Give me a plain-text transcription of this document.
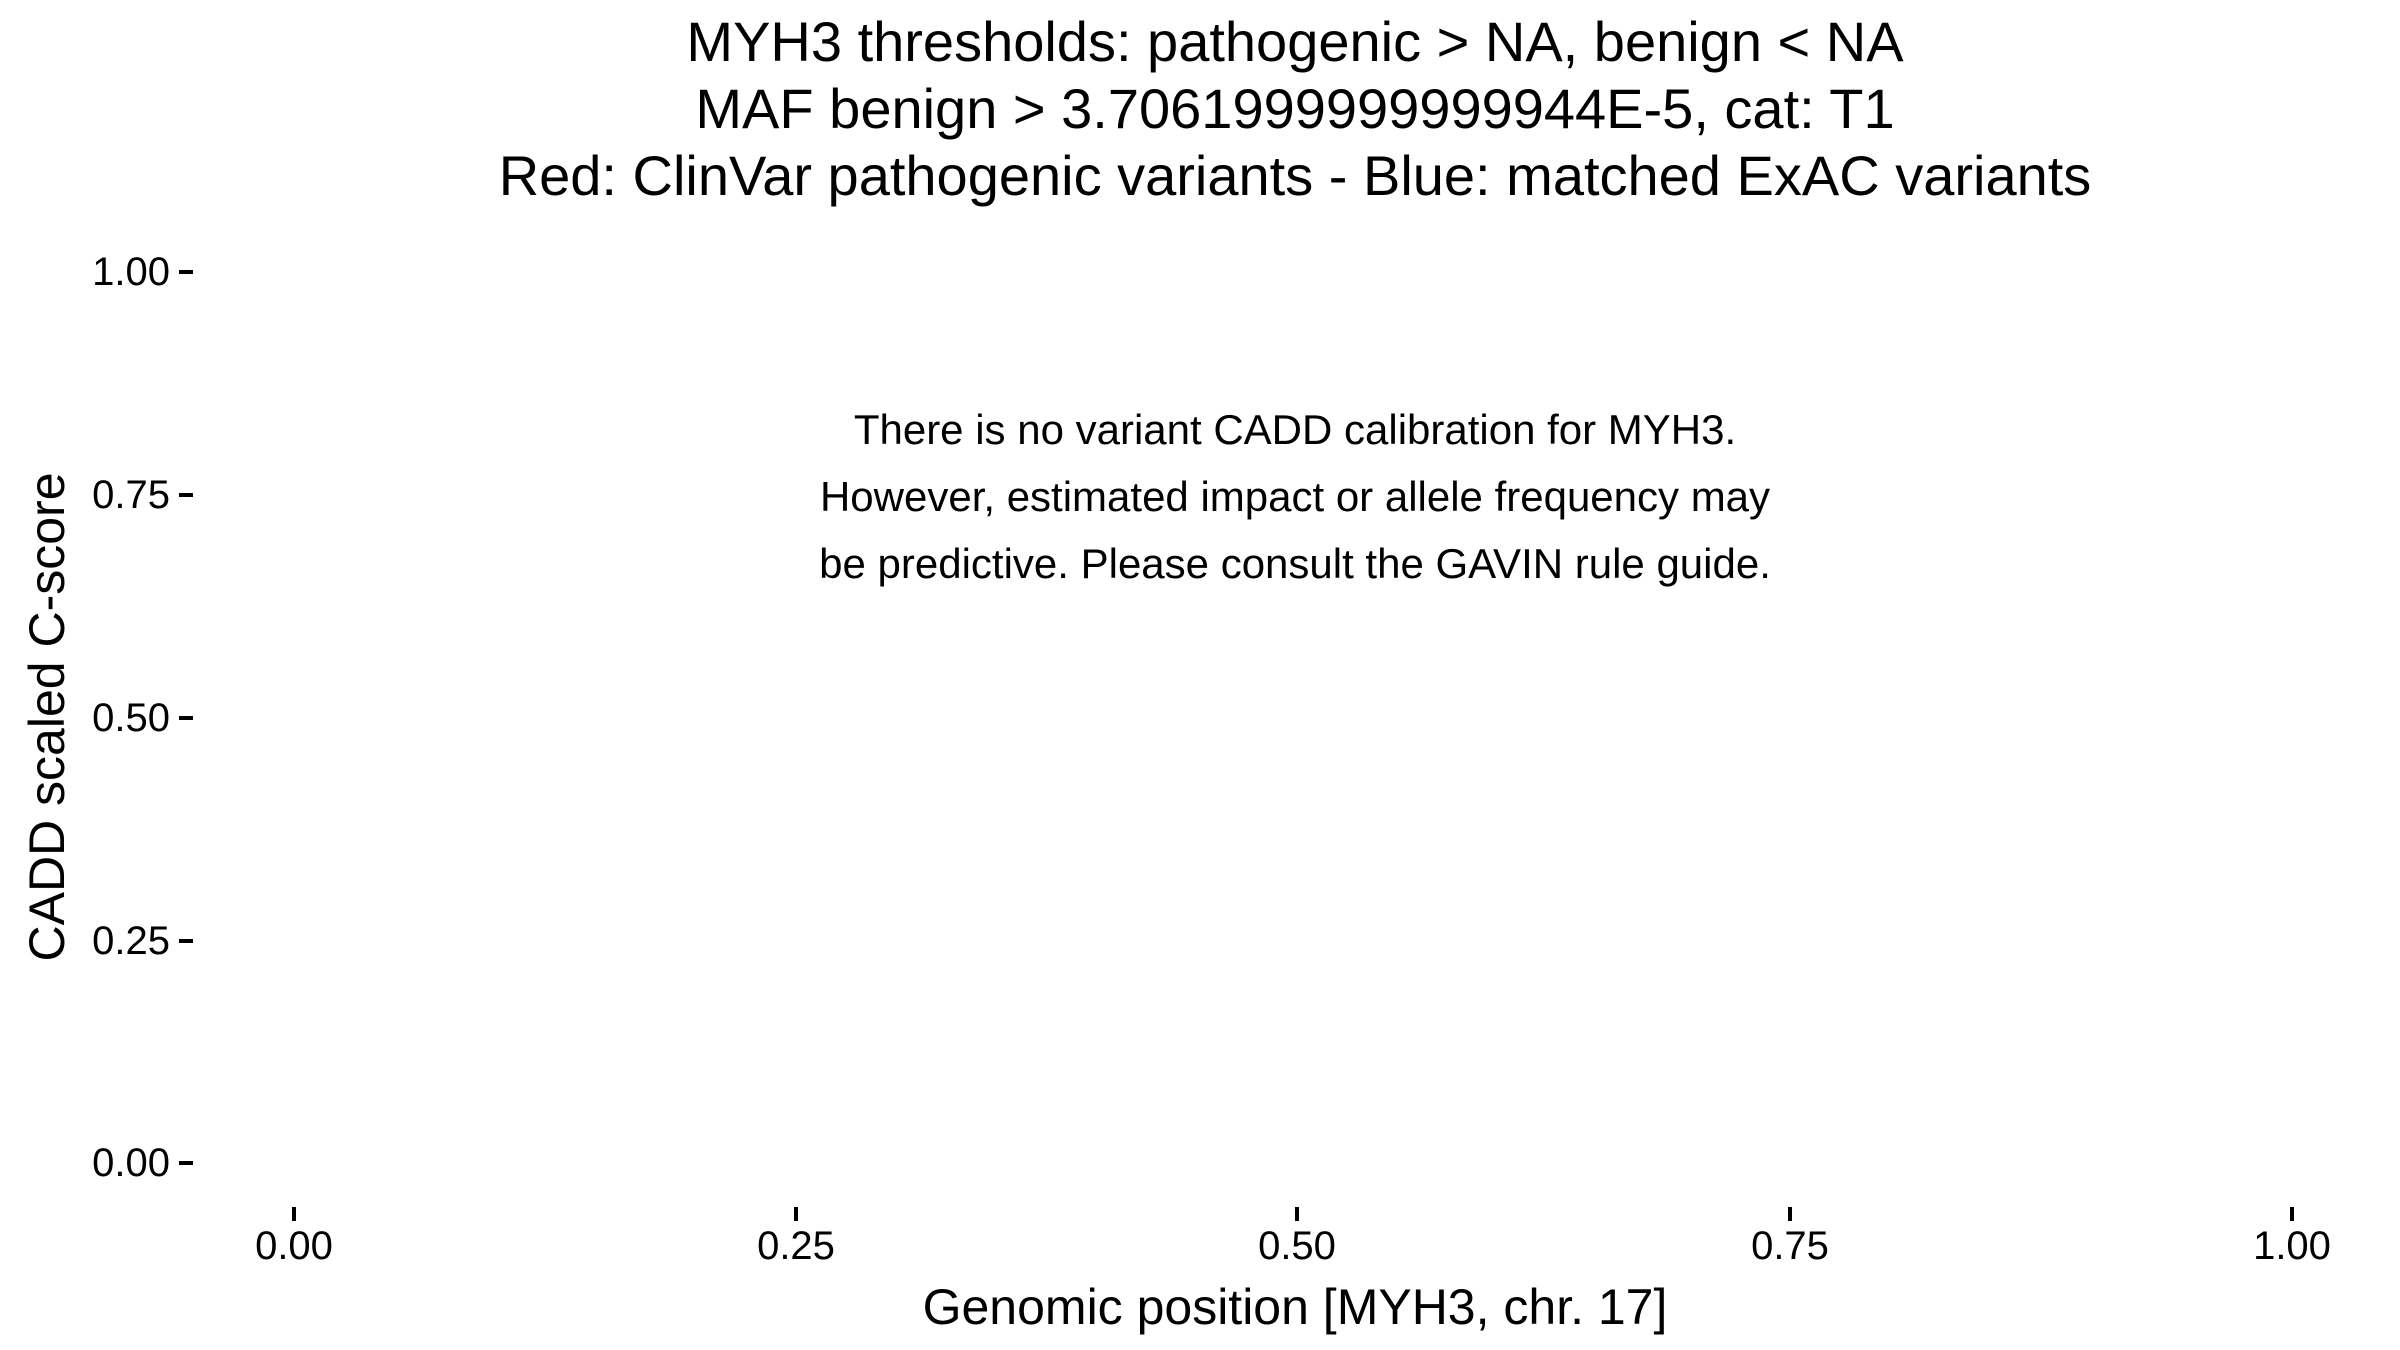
MYH3 thresholds: pathogenic > NA, benign < NA
MAF benign > 3.7061999999999944E-5, cat: T1
Red: ClinVar pathogenic variants - Blue: matched ExAC variants
There is no variant CADD calibration for MYH3.
However, estimated impact or allele frequency may
be predictive. Please consult the GAVIN rule guide.
CADD scaled C-score
Genomic position [MYH3, chr. 17]
1.00
0.75
0.50
0.25
0.00
0.00	0.25	0.50	0.75	1.00
